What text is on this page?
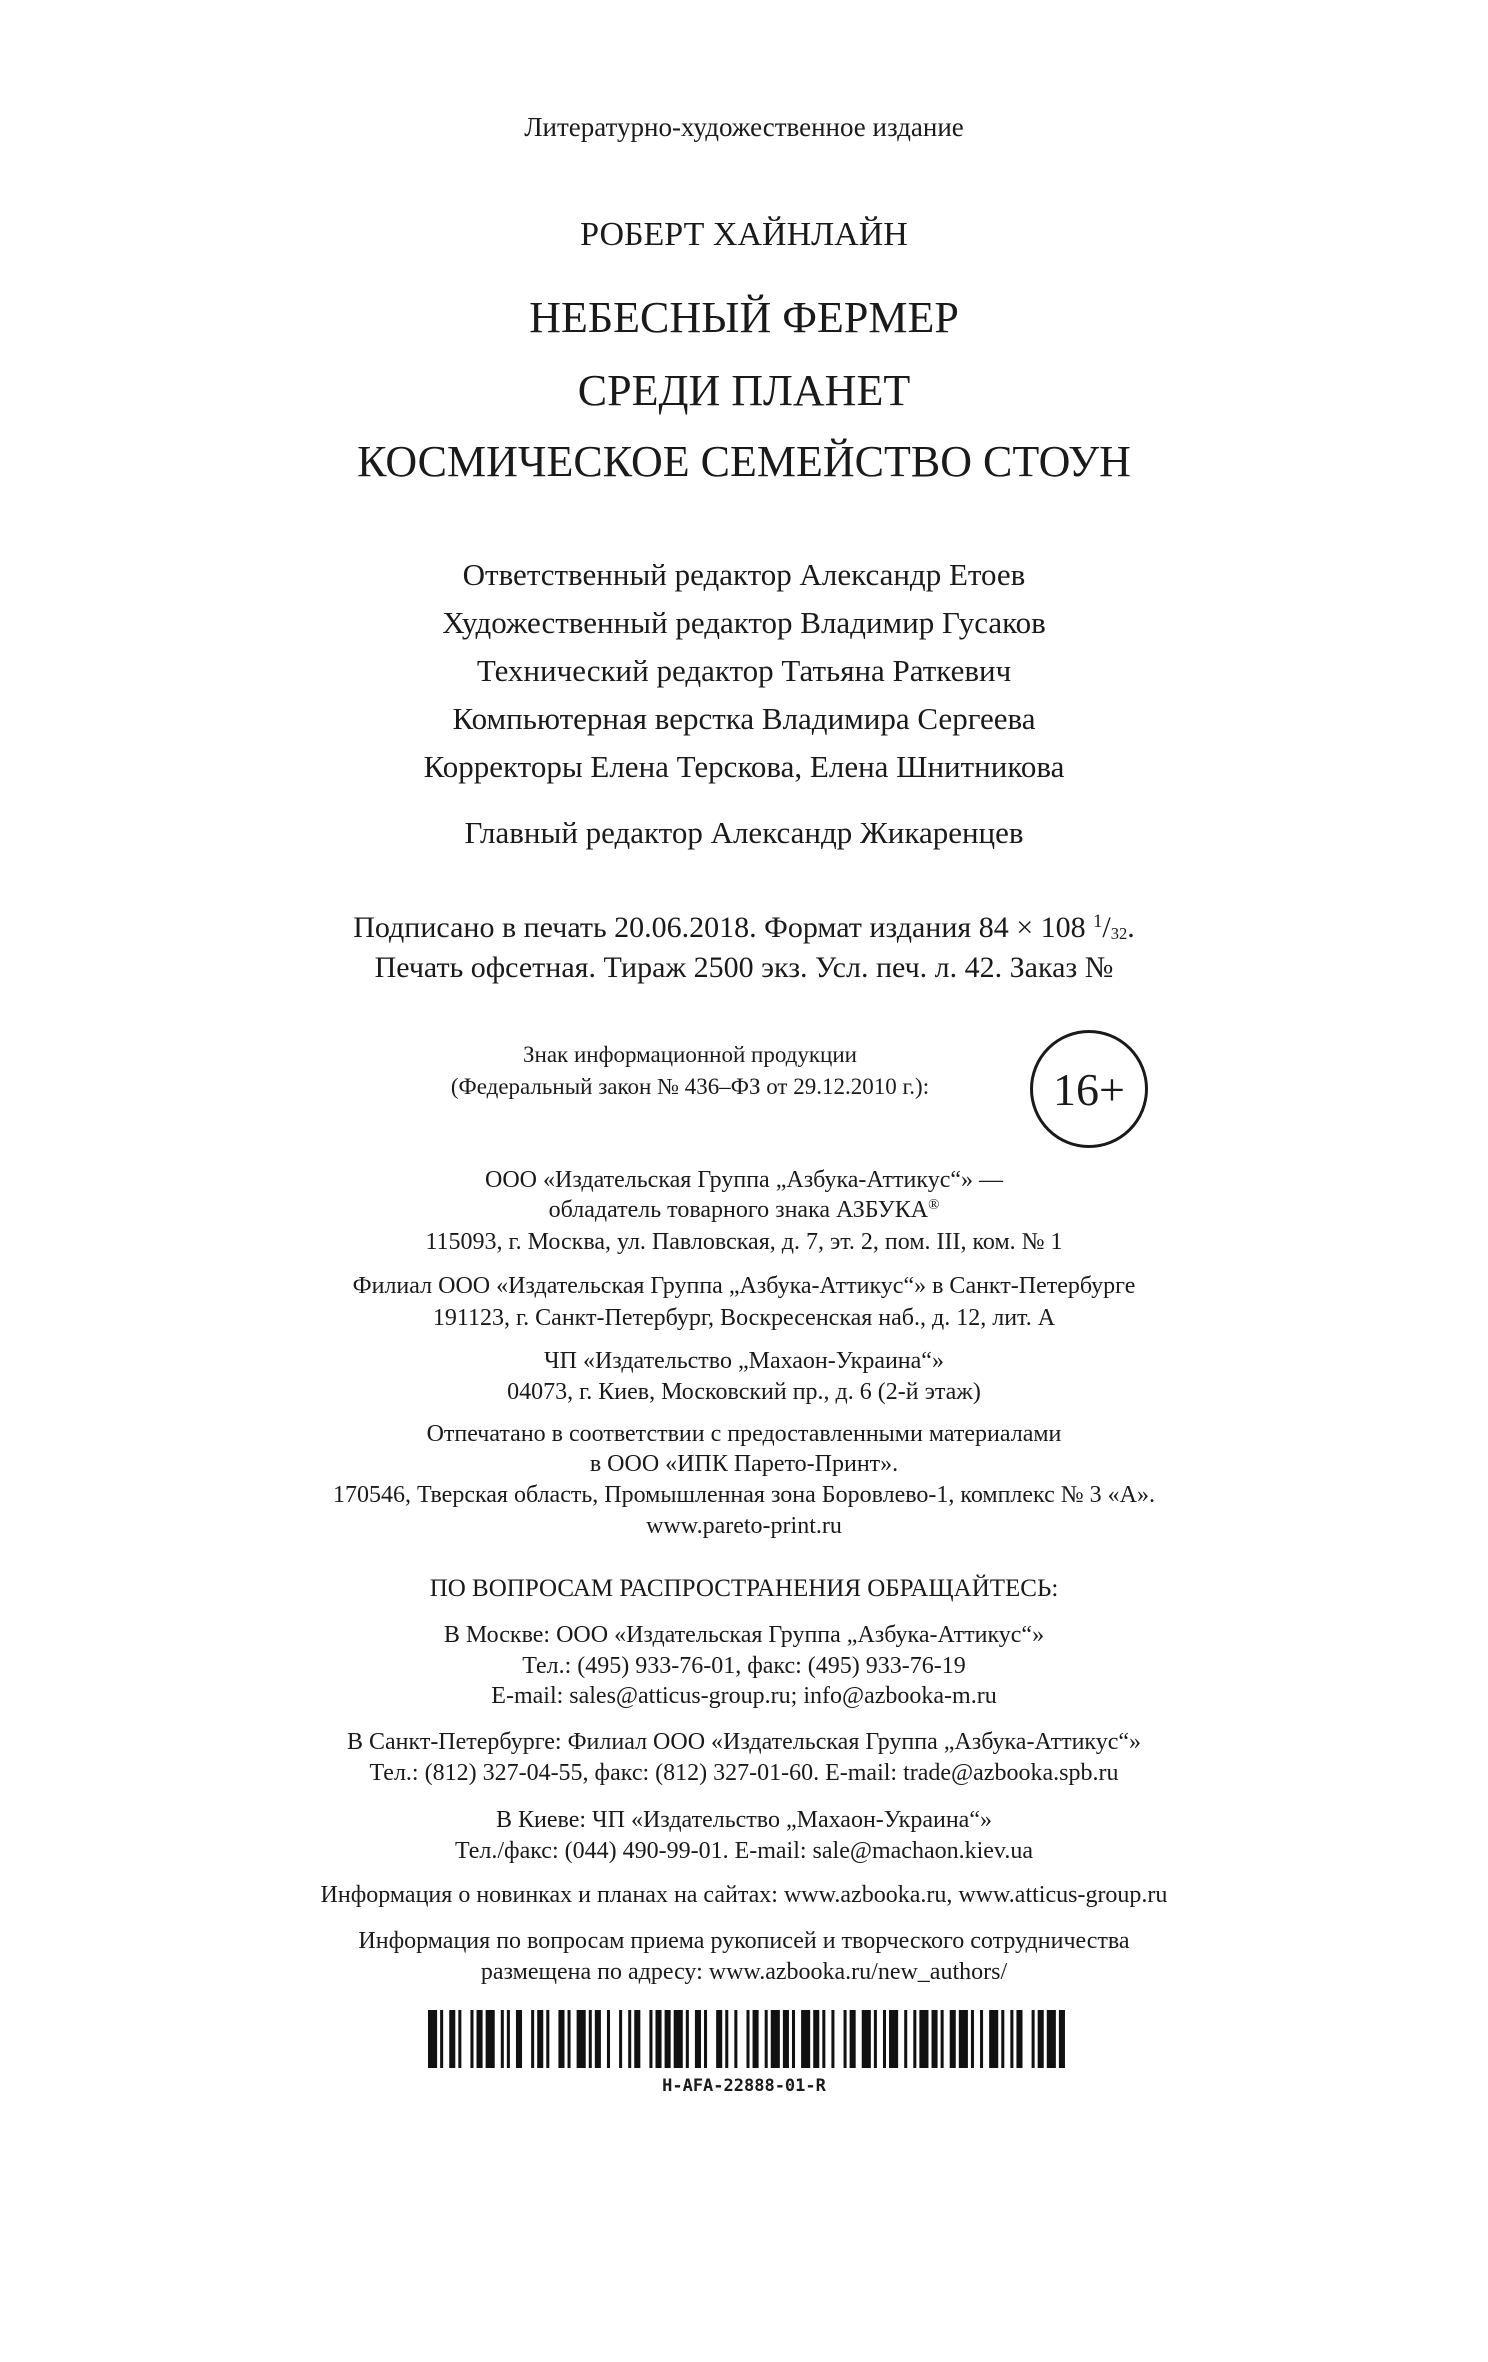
Литературно-художественное издание
РОБЕРТ ХАЙНЛАЙН
НЕБЕСНЫЙ ФЕРМЕР
СРЕДИ ПЛАНЕТ
КОСМИЧЕСКОЕ СЕМЕЙСТВО СТОУН
Ответственный редактор Александр Етоев
Художественный редактор Владимир Гусаков
Технический редактор Татьяна Раткевич
Компьютерная верстка Владимира Сергеева
Корректоры Елена Терскова, Елена Шнитникова
Главный редактор Александр Жикаренцев
Подписано в печать 20.06.2018. Формат издания 84 × 108 $^1$/32.
Печать офсетная. Тираж 2500 экз. Усл. печ. л. 42. Заказ №
Знак информационной продукции
(Федеральный закон № 436–ФЗ от 29.12.2010 г.):	16+
ООО «Издательская Группа „Азбука-Аттикус“» —
обладатель товарного знака АЗБУКА®
115093, г. Москва, ул. Павловская, д. 7, эт. 2, пом. III, ком. № 1
Филиал ООО «Издательская Группа „Азбука-Аттикус“» в Санкт-Петербурге
191123, г. Санкт-Петербург, Воскресенская наб., д. 12, лит. А
ЧП «Издательство „Махаон-Украина“»
04073, г. Киев, Московский пр., д. 6 (2-й этаж)
Отпечатано в соответствии с предоставленными материалами
в ООО «ИПК Парето-Принт».
170546, Тверская область, Промышленная зона Боровлево-1, комплекс № 3 «А».
www.pareto-print.ru
ПО ВОПРОСАМ РАСПРОСТРАНЕНИЯ ОБРАЩАЙТЕСЬ:
В Москве: ООО «Издательская Группа „Азбука-Аттикус“»
Тел.: (495) 933-76-01, факс: (495) 933-76-19
E-mail: sales@atticus-group.ru; info@azbooka-m.ru
В Санкт-Петербурге: Филиал ООО «Издательская Группа „Азбука-Аттикус“»
Тел.: (812) 327-04-55, факс: (812) 327-01-60. E-mail: trade@azbooka.spb.ru
В Киеве: ЧП «Издательство „Махаон-Украина“»
Тел./факс: (044) 490-99-01. E-mail: sale@machaon.kiev.ua
Информация о новинках и планах на сайтах: www.azbooka.ru, www.atticus-group.ru
Информация по вопросам приема рукописей и творческого сотрудничества
размещена по адресу: www.azbooka.ru/new_authors/
H-AFA-22888-01-R
